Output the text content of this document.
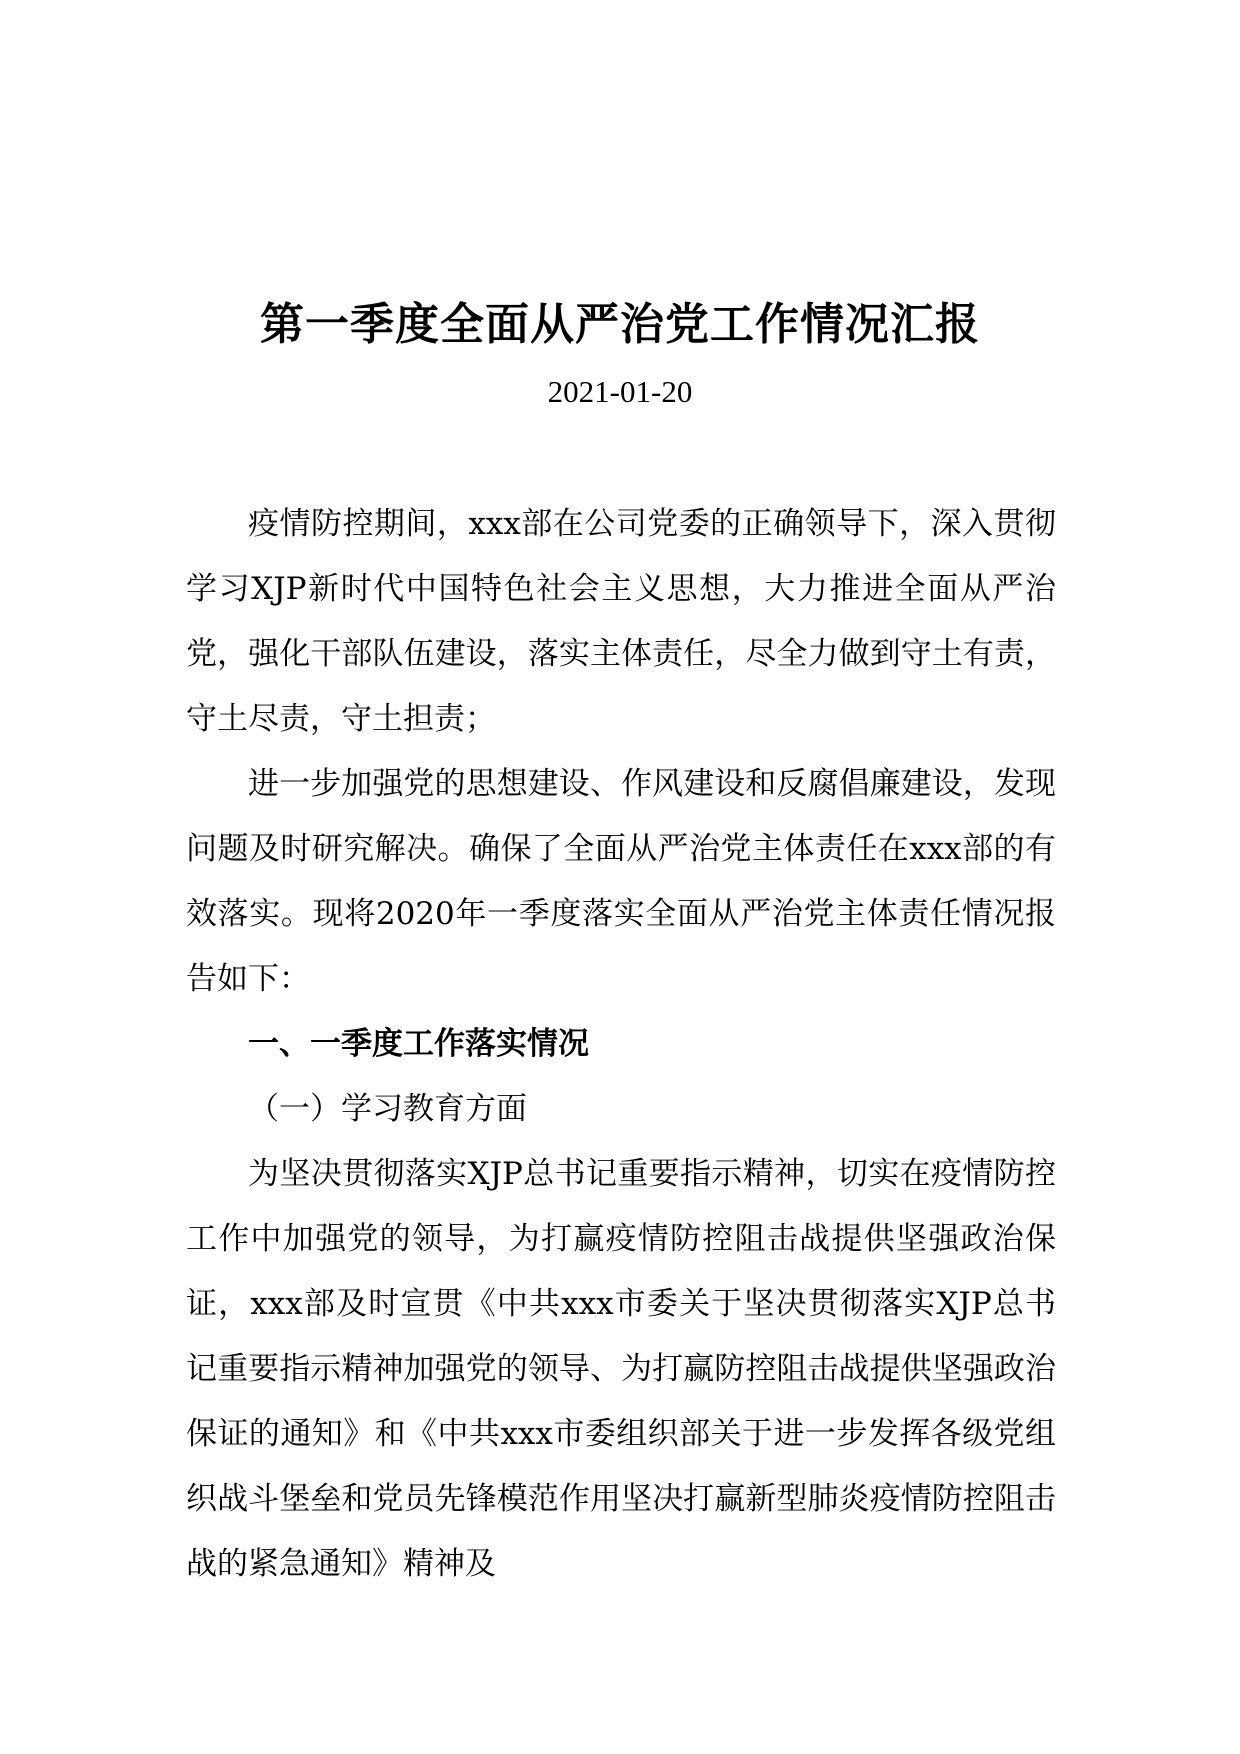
第一季度全面从严治党工作情况汇报
2021-01-20

疫情防控期间，xxx部在公司党委的正确领导下，深入贯彻学习XJP新时代中国特色社会主义思想，大力推进全面从严治党，强化干部队伍建设，落实主体责任，尽全力做到守土有责，守土尽责，守土担责；

进一步加强党的思想建设、作风建设和反腐倡廉建设，发现问题及时研究解决。确保了全面从严治党主体责任在xxx部的有效落实。现将2020年一季度落实全面从严治党主体责任情况报告如下：

一、一季度工作落实情况

（一）学习教育方面

为坚决贯彻落实XJP总书记重要指示精神，切实在疫情防控工作中加强党的领导，为打赢疫情防控阻击战提供坚强政治保证，xxx部及时宣贯《中共xxx市委关于坚决贯彻落实XJP总书记重要指示精神加强党的领导、为打赢防控阻击战提供坚强政治保证的通知》和《中共xxx市委组织部关于进一步发挥各级党组织战斗堡垒和党员先锋模范作用坚决打赢新型肺炎疫情防控阻击战的紧急通知》精神及
